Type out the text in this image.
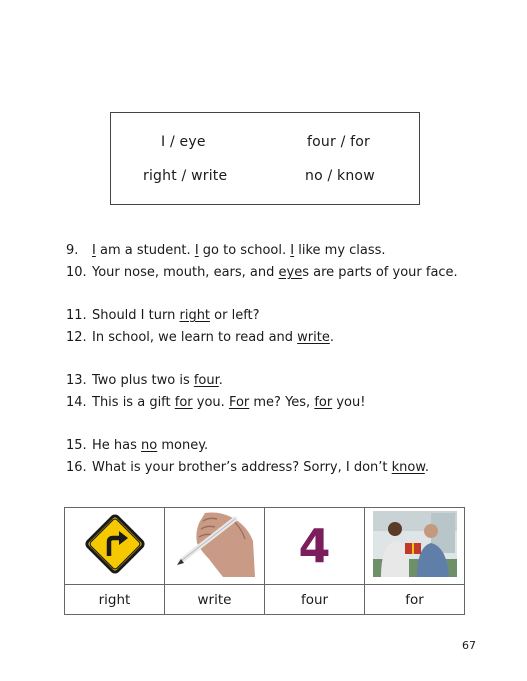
I / eye	four / for
right / write	no / know
9.	I am a student. I go to school. I like my class.
10. Your nose, mouth, ears, and eyes are parts of your face.
11. Should I turn right or left?
12. In school, we learn to read and write.
13. Two plus two is four.
14. This is a gift for you. For me? Yes, for you!
15. He has no money.
16. What is your brother’s address? Sorry, I don’t know.
		4	
right	write	four	for
67
